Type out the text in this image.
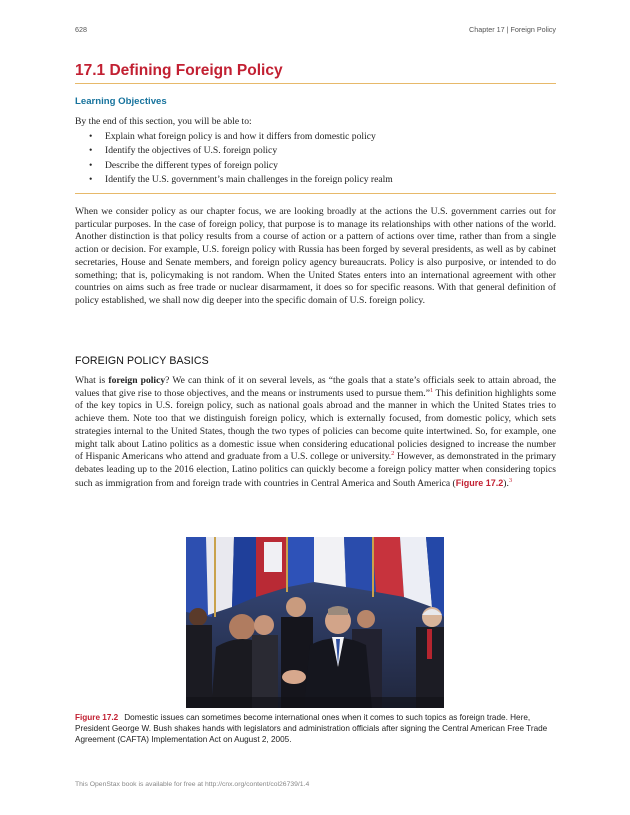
628	Chapter 17 | Foreign Policy
17.1 Defining Foreign Policy
Learning Objectives
By the end of this section, you will be able to:
• Explain what foreign policy is and how it differs from domestic policy
• Identify the objectives of U.S. foreign policy
• Describe the different types of foreign policy
• Identify the U.S. government’s main challenges in the foreign policy realm

When we consider policy as our chapter focus, we are looking broadly at the actions the U.S. government carries out for particular purposes. In the case of foreign policy, that purpose is to manage its relationships with other nations of the world. Another distinction is that policy results from a course of action or a pattern of actions over time, rather than from a single action or decision. For example, U.S. foreign policy with Russia has been forged by several presidents, as well as by cabinet secretaries, House and Senate members, and foreign policy agency bureaucrats. Policy is also purposive, or intended to do something; that is, policymaking is not random. When the United States enters into an international agreement with other countries on aims such as free trade or nuclear disarmament, it does so for specific reasons. With that general definition of policy established, we shall now dig deeper into the specific domain of U.S. foreign policy.

FOREIGN POLICY BASICS

What is foreign policy? We can think of it on several levels, as “the goals that a state’s officials seek to attain abroad, the values that give rise to those objectives, and the means or instruments used to pursue them.”$^1$ This definition highlights some of the key topics in U.S. foreign policy, such as national goals abroad and the manner in which the United States tries to achieve them. Note too that we distinguish foreign policy, which is externally focused, from domestic policy, which sets strategies internal to the United States, though the two types of policies can become quite intertwined. So, for example, one might talk about Latino politics as a domestic issue when considering educational policies designed to increase the number of Hispanic Americans who attend and graduate from a U.S. college or university.$^2$ However, as demonstrated in the primary debates leading up to the 2016 election, Latino politics can quickly become a foreign policy matter when considering topics such as immigration from and foreign trade with countries in Central America and South America (Figure 17.2).$^3$

Figure 17.2 Domestic issues can sometimes become international ones when it comes to such topics as foreign trade. Here, President George W. Bush shakes hands with legislators and administration officials after signing the Central American Free Trade Agreement (CAFTA) Implementation Act on August 2, 2005.

This OpenStax book is available for free at http://cnx.org/content/col26739/1.4
